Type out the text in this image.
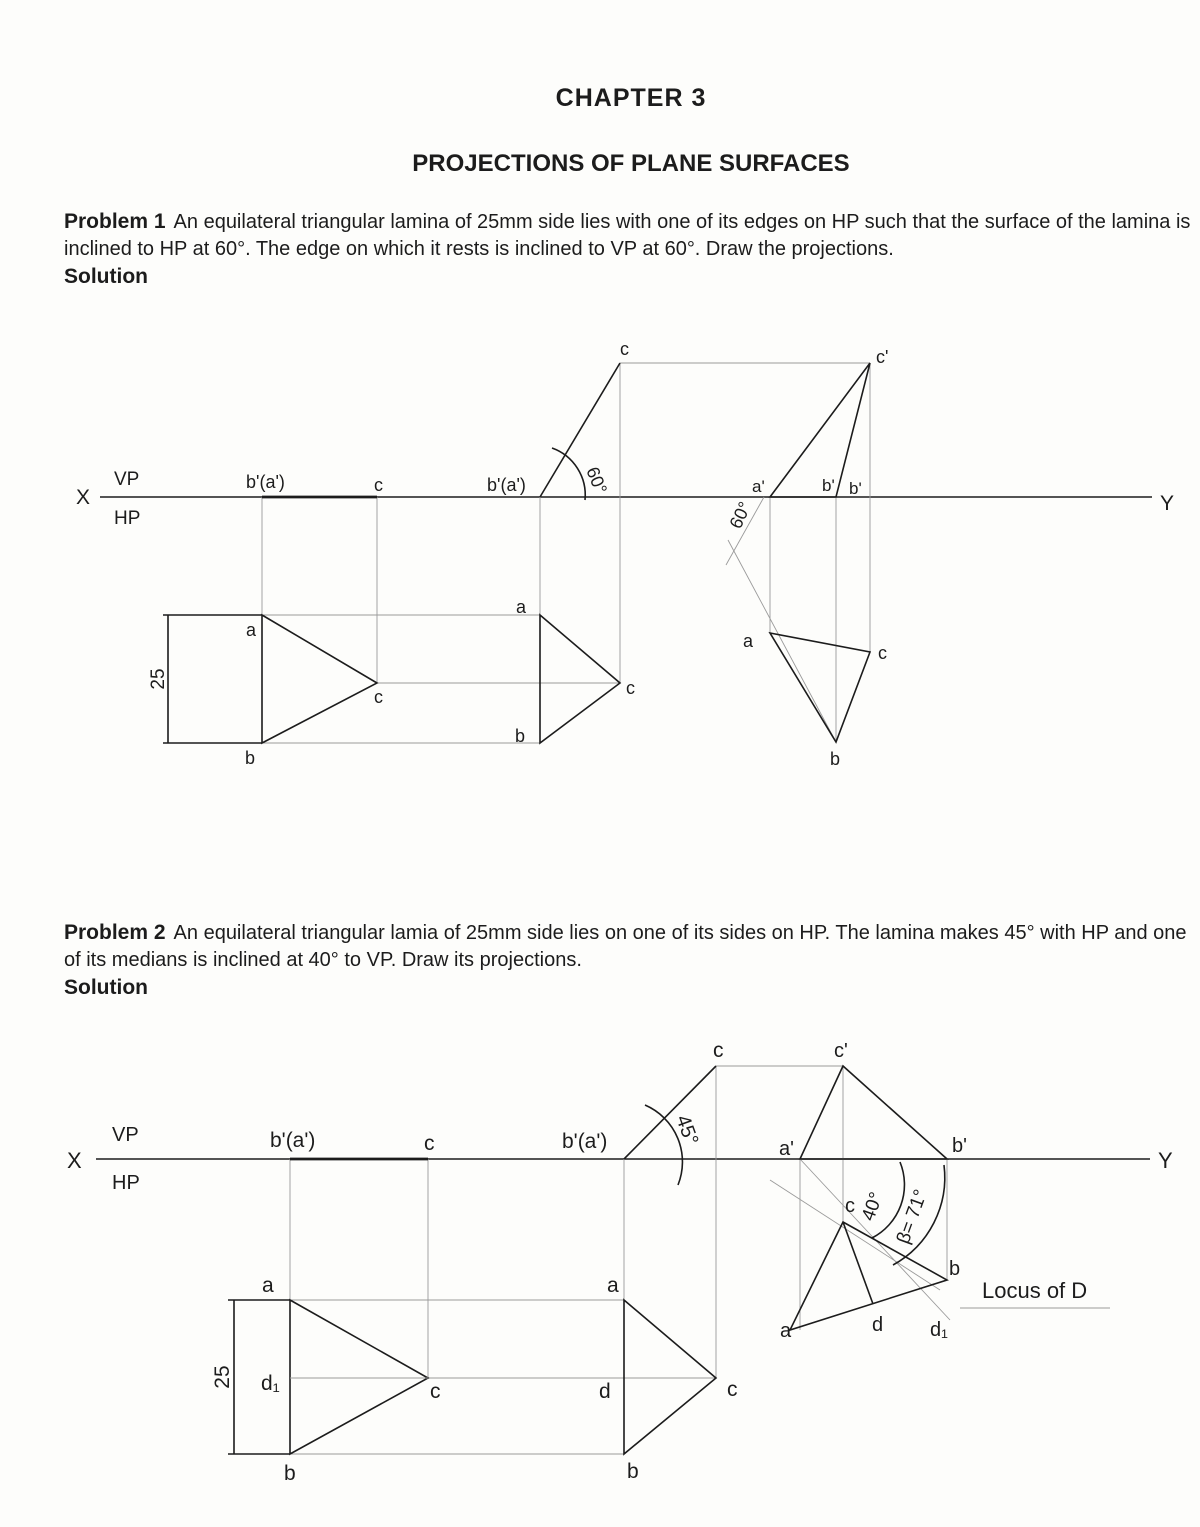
CHAPTER 3
PROJECTIONS OF PLANE SURFACES
Problem 1 An equilateral triangular lamina of 25mm side lies with one of its edges on HP such that the surface of the lamina is inclined to HP at 60°. The edge on which it rests is inclined to VP at 60°. Draw the projections.
Solution
X	Y
VP
HP
b'(a')	c
a
b
c
25
b'(a')
c
60°
a
b
c
a'	b' b'
c'
60°
a
b
c
Problem 2 An equilateral triangular lamia of 25mm side lies on one of its sides on HP. The lamina makes 45° with HP and one of its medians is inclined at 40° to VP. Draw its projections.
Solution
X	Y
VP
HP
b'(a')	c
a
d₁	c
b
25
b'(a')
c
45°
a
d	c
b
a'
c'
b'
40° β= 71°
c
b
a	d d₁
Locus of D
